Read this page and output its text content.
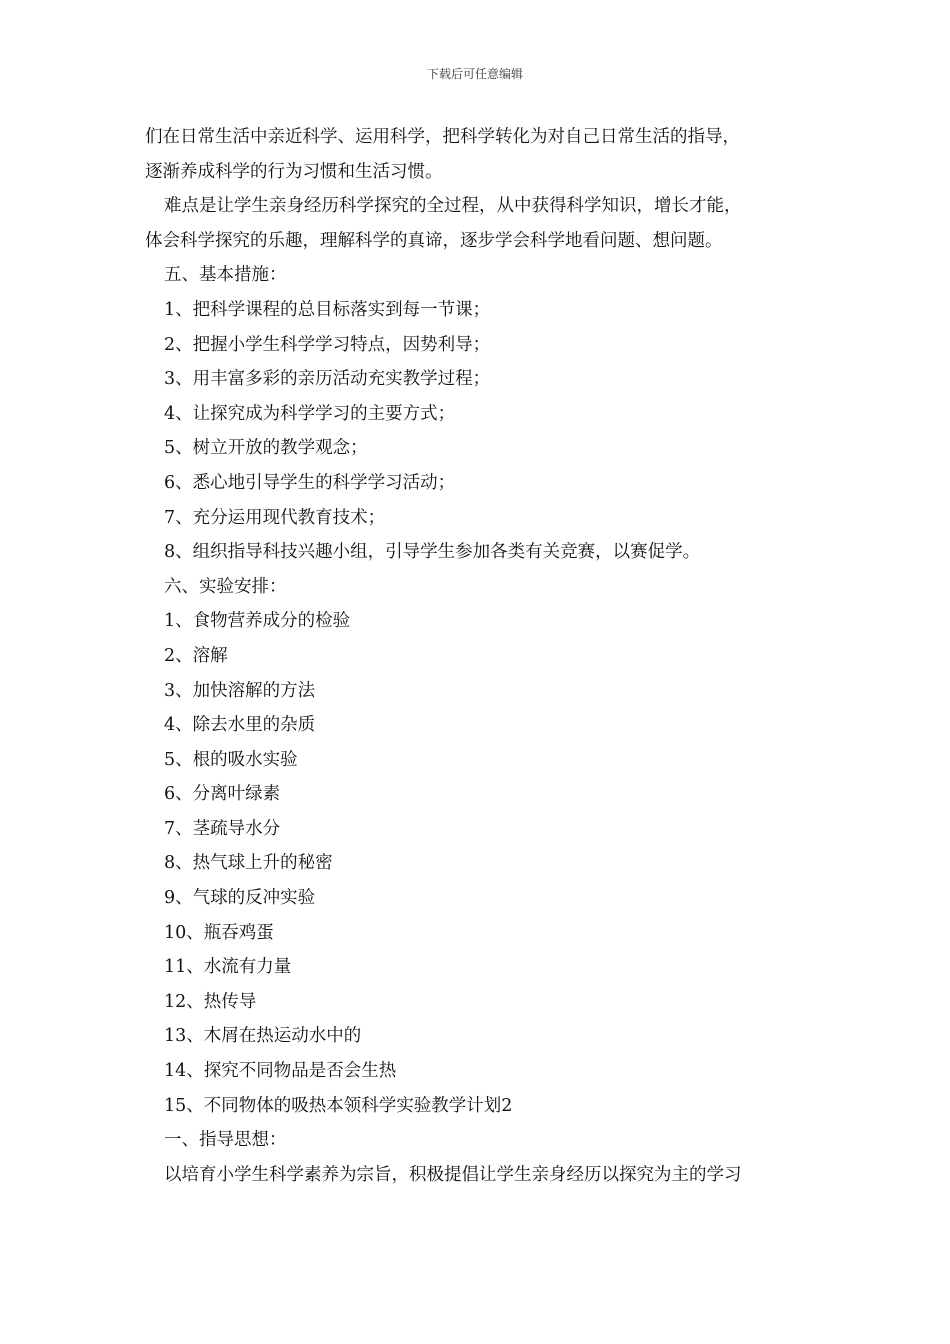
下载后可任意编辑
们在日常生活中亲近科学、运用科学，把科学转化为对自己日常生活的指导，
逐渐养成科学的行为习惯和生活习惯。
难点是让学生亲身经历科学探究的全过程，从中获得科学知识，增长才能，
体会科学探究的乐趣，理解科学的真谛，逐步学会科学地看问题、想问题。
五、基本措施：
1、把科学课程的总目标落实到每一节课；
2、把握小学生科学学习特点，因势利导；
3、用丰富多彩的亲历活动充实教学过程；
4、让探究成为科学学习的主要方式；
5、树立开放的教学观念；
6、悉心地引导学生的科学学习活动；
7、充分运用现代教育技术；
8、组织指导科技兴趣小组，引导学生参加各类有关竞赛，以赛促学。
六、实验安排：
1、食物营养成分的检验
2、溶解
3、加快溶解的方法
4、除去水里的杂质
5、根的吸水实验
6、分离叶绿素
7、茎疏导水分
8、热气球上升的秘密
9、气球的反冲实验
10、瓶吞鸡蛋
11、水流有力量
12、热传导
13、木屑在热运动水中的
14、探究不同物品是否会生热
15、不同物体的吸热本领科学实验教学计划2
一、指导思想：
以培育小学生科学素养为宗旨，积极提倡让学生亲身经历以探究为主的学习
